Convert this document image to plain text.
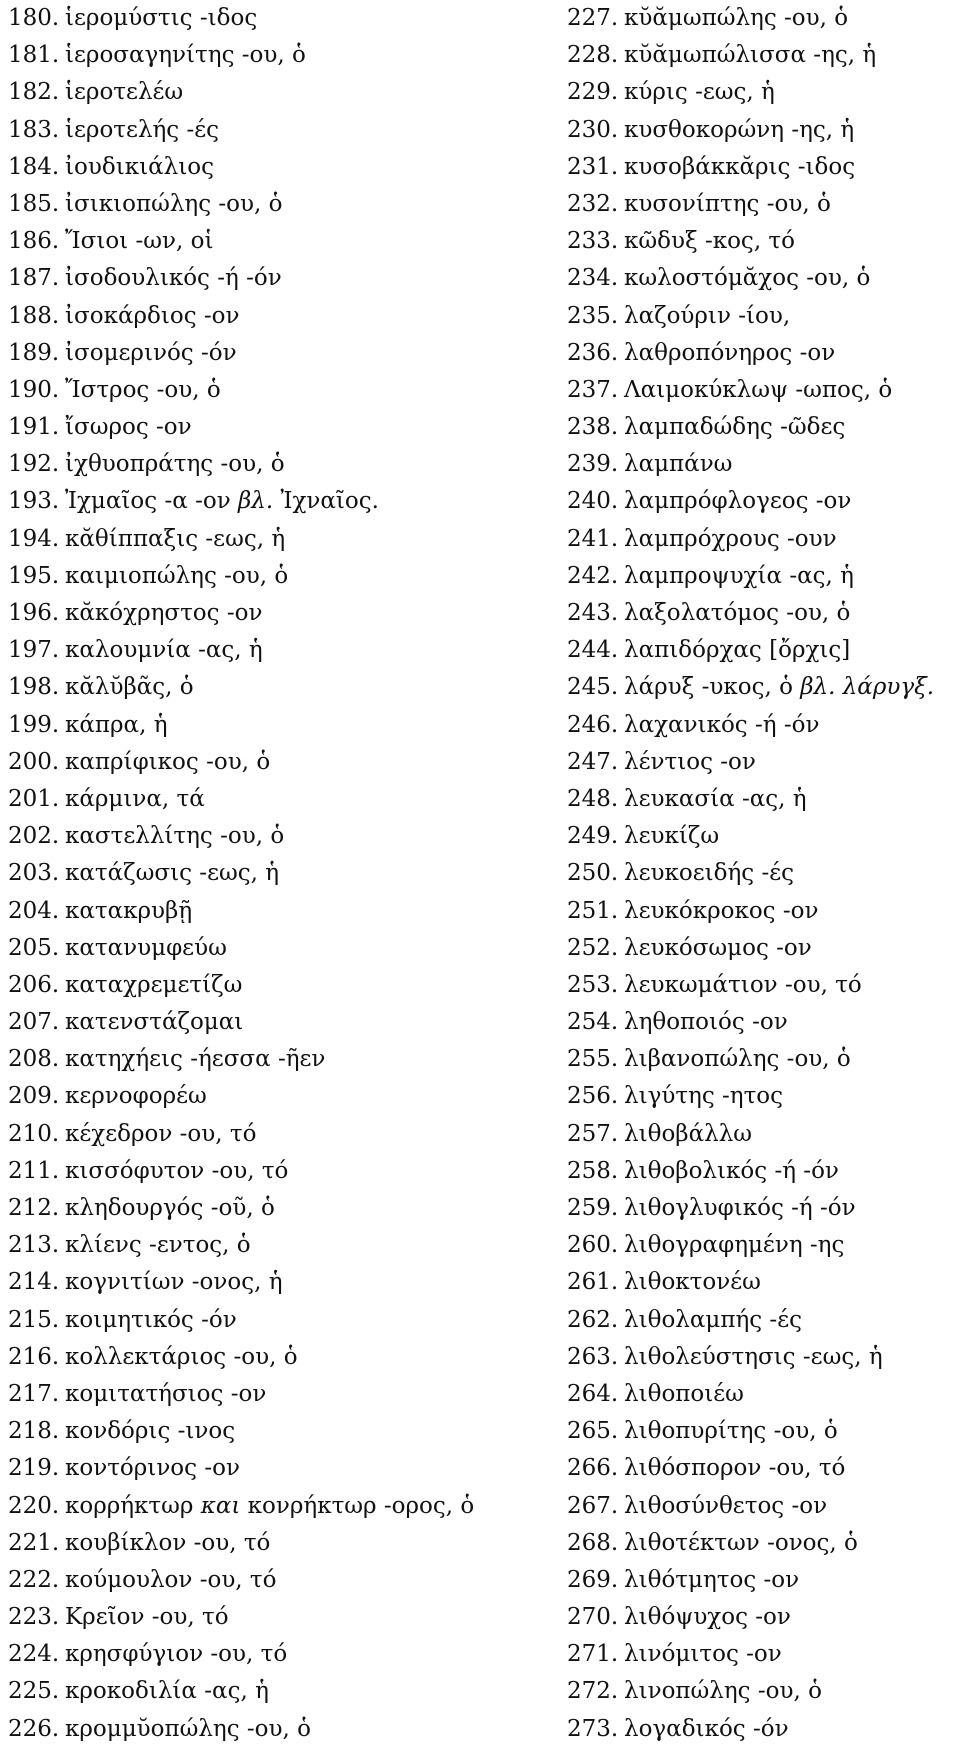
180. ἱερομύστις -ιδος
181. ἱεροσαγηνίτης -ου, ὁ
182. ἱεροτελέω
183. ἱεροτελής -ές
184. ἰουδικιάλιος
185. ἰσικιοπώλης -ου, ὁ
186. Ἴσιοι -ων, οἱ
187. ἰσοδουλικός -ή -όν
188. ἰσοκάρδιος -ον
189. ἰσομερινός -όν
190. Ἴστρος -ου, ὁ
191. ἴσωρος -ον
192. ἰχθυοπράτης -ου, ὁ
193. Ἰχμαῖος -α -ον βλ. Ἰχναῖος.
194. κᾰθίππαξις -εως, ἡ
195. καιμιοπώλης -ου, ὁ
196. κᾰκόχρηστος -ον
197. καλουμνία -ας, ἡ
198. κᾰλῠβᾶς, ὁ
199. κάπρα, ἡ
200. καπρίφικος -ου, ὁ
201. κάρμινα, τά
202. καστελλίτης -ου, ὁ
203. κατάζωσις -εως, ἡ
204. κατακρυβῇ
205. κατανυμφεύω
206. καταχρεμετίζω
207. κατενστάζομαι
208. κατηχήεις -ήεσσα -ῆεν
209. κερνοφορέω
210. κέχεδρον -ου, τό
211. κισσόφυτον -ου, τό
212. κληδουργός -οῦ, ὁ
213. κλίενς -εντος, ὁ
214. κογνιτίων -ονος, ἡ
215. κοιμητικός -όν
216. κολλεκτάριος -ου, ὁ
217. κομιτατήσιος -ον
218. κονδόρις -ινος
219. κοντόρινος -ον
220. κορρήκτωρ και κονρήκτωρ -ορος, ὁ
221. κουβίκλον -ου, τό
222. κούμουλον -ου, τό
223. Κρεῖον -ου, τό
224. κρησφύγιον -ου, τό
225. κροκοδιλία -ας, ἡ
226. κρομμῠοπώλης -ου, ὁ
227. κῠᾰμωπώλης -ου, ὁ
228. κῠᾰμωπώλισσα -ης, ἡ
229. κύρις -εως, ἡ
230. κυσθοκορώνη -ης, ἡ
231. κυσοβάκκᾰρις -ιδος
232. κυσονίπτης -ου, ὁ
233. κῶδυξ -κος, τό
234. κωλοστόμᾰχος -ου, ὁ
235. λαζούριν -ίου,
236. λαθροπόνηρος -ον
237. Λαιμοκύκλωψ -ωπος, ὁ
238. λαμπαδώδης -ῶδες
239. λαμπάνω
240. λαμπρόφλογεος -ον
241. λαμπρόχρους -ουν
242. λαμπροψυχία -ας, ἡ
243. λαξολατόμος -ου, ὁ
244. λαπιδόρχας [ὄρχις]
245. λάρυξ -υκος, ὁ βλ. λάρυγξ.
246. λαχανικός -ή -όν
247. λέντιος -ον
248. λευκασία -ας, ἡ
249. λευκίζω
250. λευκοειδής -ές
251. λευκόκροκος -ον
252. λευκόσωμος -ον
253. λευκωμάτιον -ου, τό
254. ληθοποιός -ον
255. λιβανοπώλης -ου, ὁ
256. λιγύτης -ητος
257. λιθοβάλλω
258. λιθοβολικός -ή -όν
259. λιθογλυφικός -ή -όν
260. λιθογραφημένη -ης
261. λιθοκτονέω
262. λιθολαμπής -ές
263. λιθολεύστησις -εως, ἡ
264. λιθοποιέω
265. λιθοπυρίτης -ου, ὁ
266. λιθόσπορον -ου, τό
267. λιθοσύνθετος -ον
268. λιθοτέκτων -ονος, ὁ
269. λιθότμητος -ον
270. λιθόψυχος -ον
271. λινόμιτος -ον
272. λινοπώλης -ου, ὁ
273. λογαδικός -όν
